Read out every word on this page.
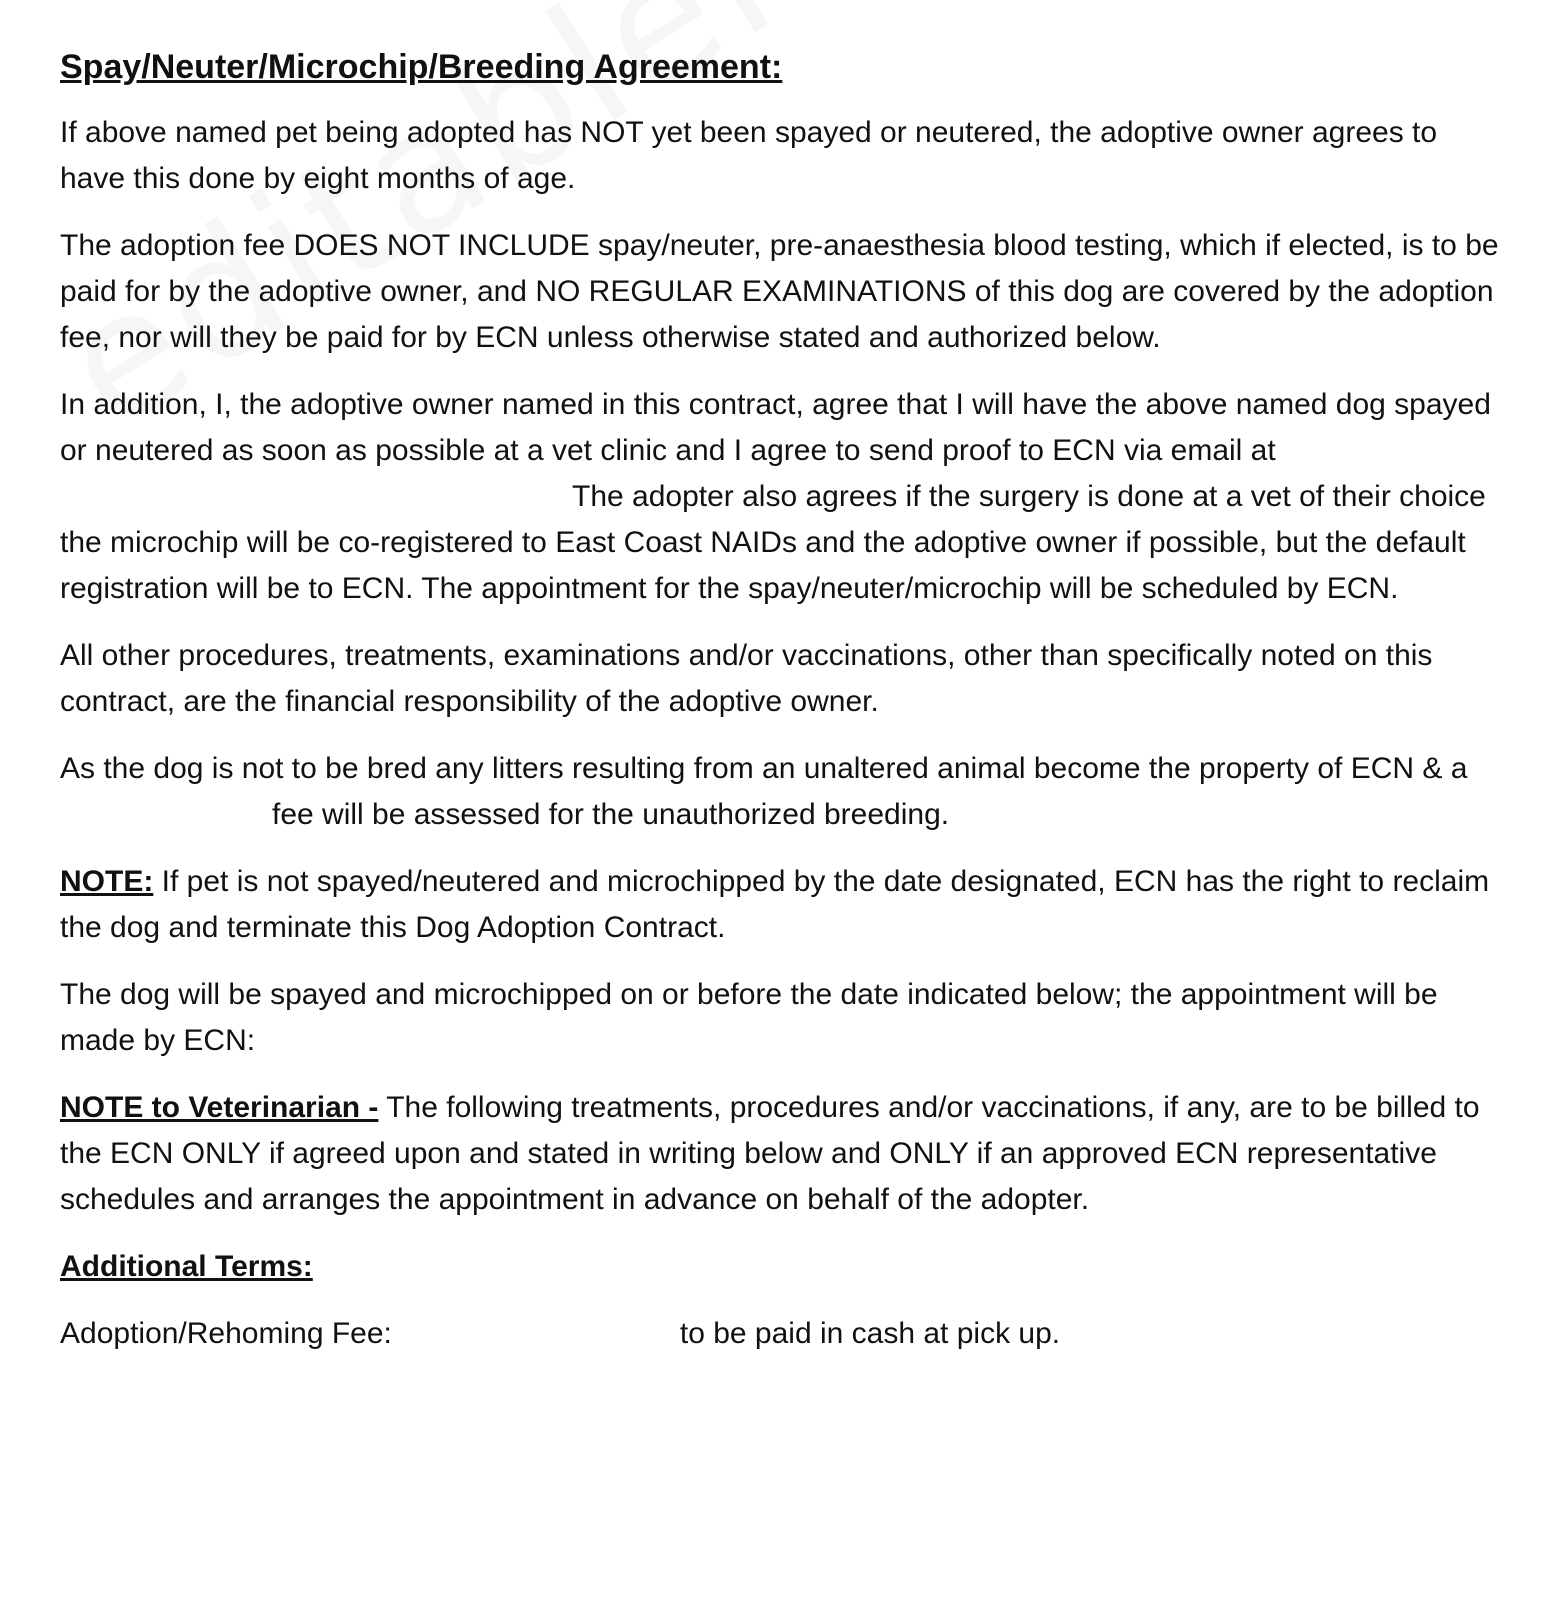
Spay/Neuter/Microchip/Breeding Agreement:
If above named pet being adopted has NOT yet been spayed or neutered, the adoptive owner agrees to have this done by eight months of age.
The adoption fee DOES NOT INCLUDE spay/neuter, pre-anaesthesia blood testing, which if elected, is to be paid for by the adoptive owner, and NO REGULAR EXAMINATIONS of this dog are covered by the adoption fee, nor will they be paid for by ECN unless otherwise stated and authorized below.
In addition, I, the adoptive owner named in this contract, agree that I will have the above named dog spayed or neutered as soon as possible at a vet clinic and I agree to send proof to ECN via email atThe adopter also agrees if the surgery is done at a vet of their choice the microchip will be co-registered to East Coast NAIDs and the adoptive owner if possible, but the default registration will be to ECN. The appointment for the spay/neuter/microchip will be scheduled by ECN.
All other procedures, treatments, examinations and/or vaccinations, other than specifically noted on this contract, are the financial responsibility of the adoptive owner.
As the dog is not to be bred any litters resulting from an unaltered animal become the property of ECN & afee will be assessed for the unauthorized breeding.
NOTE: If pet is not spayed/neutered and microchipped by the date designated, ECN has the right to reclaim the dog and terminate this Dog Adoption Contract.
The dog will be spayed and microchipped on or before the date indicated below; the appointment will be made by ECN:
NOTE to Veterinarian - The following treatments, procedures and/or vaccinations, if any, are to be billed to the ECN ONLY if agreed upon and stated in writing below and ONLY if an approved ECN representative schedules and arranges the appointment in advance on behalf of the adopter.
Additional Terms:
Adoption/Rehoming Fee:	to be paid in cash at pick up.
